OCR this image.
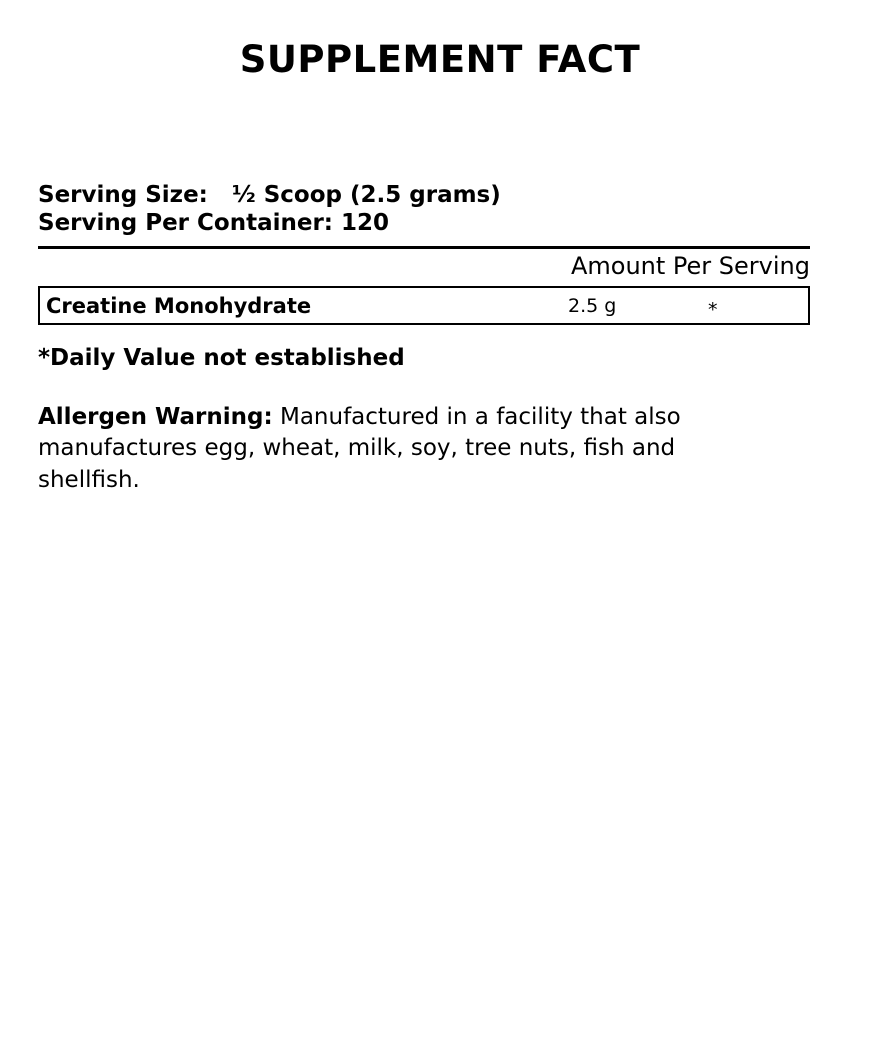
SUPPLEMENT FACT
Serving Size: ½ Scoop (2.5 grams)
Serving Per Container: 120
Amount Per Serving
Creatine Monohydrate	2.5 g	*
*Daily Value not established
Allergen Warning: Manufactured in a facility that also manufactures egg, wheat, milk, soy, tree nuts, fish and shellfish.
